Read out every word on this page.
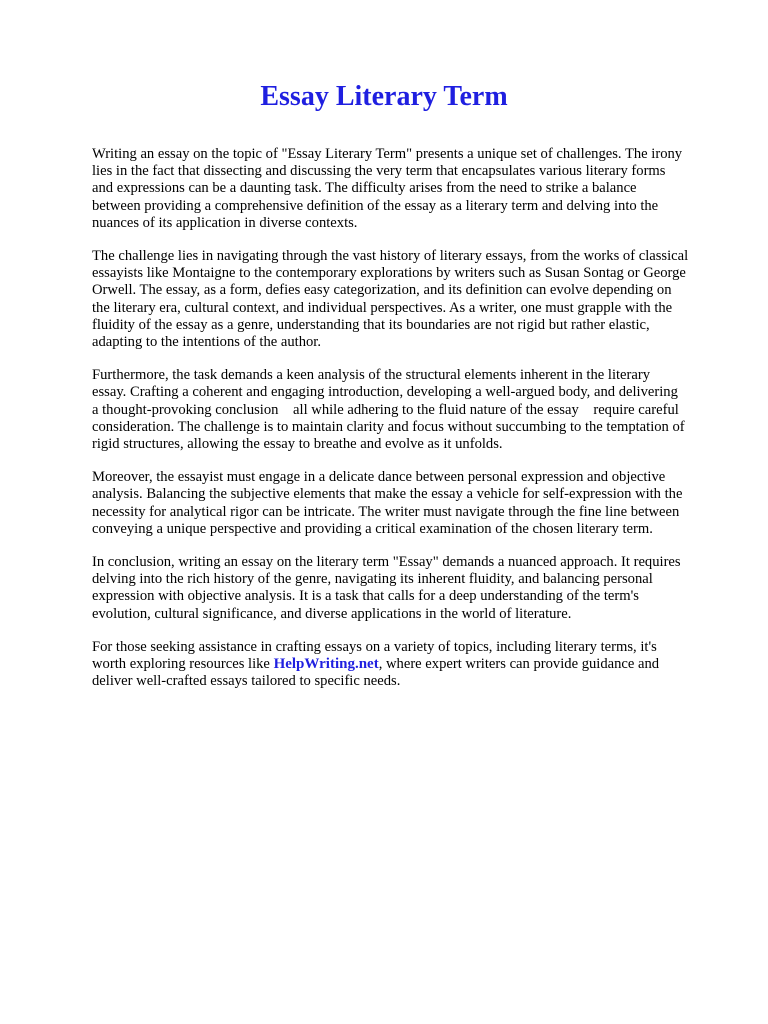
Essay Literary Term

Writing an essay on the topic of "Essay Literary Term" presents a unique set of challenges. The irony
lies in the fact that dissecting and discussing the very term that encapsulates various literary forms
and expressions can be a daunting task. The difficulty arises from the need to strike a balance
between providing a comprehensive definition of the essay as a literary term and delving into the
nuances of its application in diverse contexts.

The challenge lies in navigating through the vast history of literary essays, from the works of classical
essayists like Montaigne to the contemporary explorations by writers such as Susan Sontag or George
Orwell. The essay, as a form, defies easy categorization, and its definition can evolve depending on
the literary era, cultural context, and individual perspectives. As a writer, one must grapple with the
fluidity of the essay as a genre, understanding that its boundaries are not rigid but rather elastic,
adapting to the intentions of the author.

Furthermore, the task demands a keen analysis of the structural elements inherent in the literary
essay. Crafting a coherent and engaging introduction, developing a well-argued body, and delivering
a thought-provoking conclusion    all while adhering to the fluid nature of the essay    require careful
consideration. The challenge is to maintain clarity and focus without succumbing to the temptation of
rigid structures, allowing the essay to breathe and evolve as it unfolds.

Moreover, the essayist must engage in a delicate dance between personal expression and objective
analysis. Balancing the subjective elements that make the essay a vehicle for self-expression with the
necessity for analytical rigor can be intricate. The writer must navigate through the fine line between
conveying a unique perspective and providing a critical examination of the chosen literary term.

In conclusion, writing an essay on the literary term "Essay" demands a nuanced approach. It requires
delving into the rich history of the genre, navigating its inherent fluidity, and balancing personal
expression with objective analysis. It is a task that calls for a deep understanding of the term's
evolution, cultural significance, and diverse applications in the world of literature.

For those seeking assistance in crafting essays on a variety of topics, including literary terms, it's
worth exploring resources like HelpWriting.net, where expert writers can provide guidance and
deliver well-crafted essays tailored to specific needs.
